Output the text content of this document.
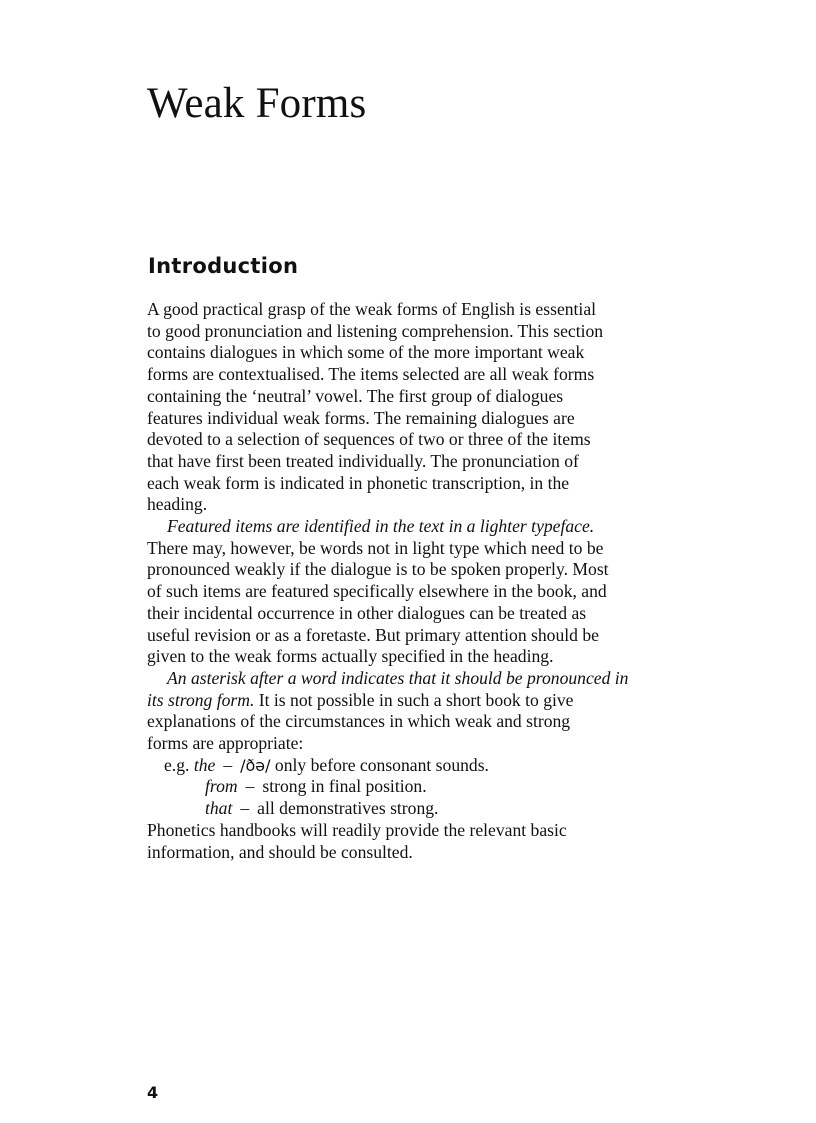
Weak Forms
Introduction
A good practical grasp of the weak forms of English is essential
to good pronunciation and listening comprehension. This section
contains dialogues in which some of the more important weak
forms are contextualised. The items selected are all weak forms
containing the ‘neutral’ vowel. The first group of dialogues
features individual weak forms. The remaining dialogues are
devoted to a selection of sequences of two or three of the items
that have first been treated individually. The pronunciation of
each weak form is indicated in phonetic transcription, in the
heading.
Featured items are identified in the text in a lighter typeface.
There may, however, be words not in light type which need to be
pronounced weakly if the dialogue is to be spoken properly. Most
of such items are featured specifically elsewhere in the book, and
their incidental occurrence in other dialogues can be treated as
useful revision or as a foretaste. But primary attention should be
given to the weak forms actually specified in the heading.
An asterisk after a word indicates that it should be pronounced in
its strong form. It is not possible in such a short book to give
explanations of the circumstances in which weak and strong
forms are appropriate:
e.g. the – /ðə/ only before consonant sounds.
from – strong in final position.
that – all demonstratives strong.
Phonetics handbooks will readily provide the relevant basic
information, and should be consulted.
4
